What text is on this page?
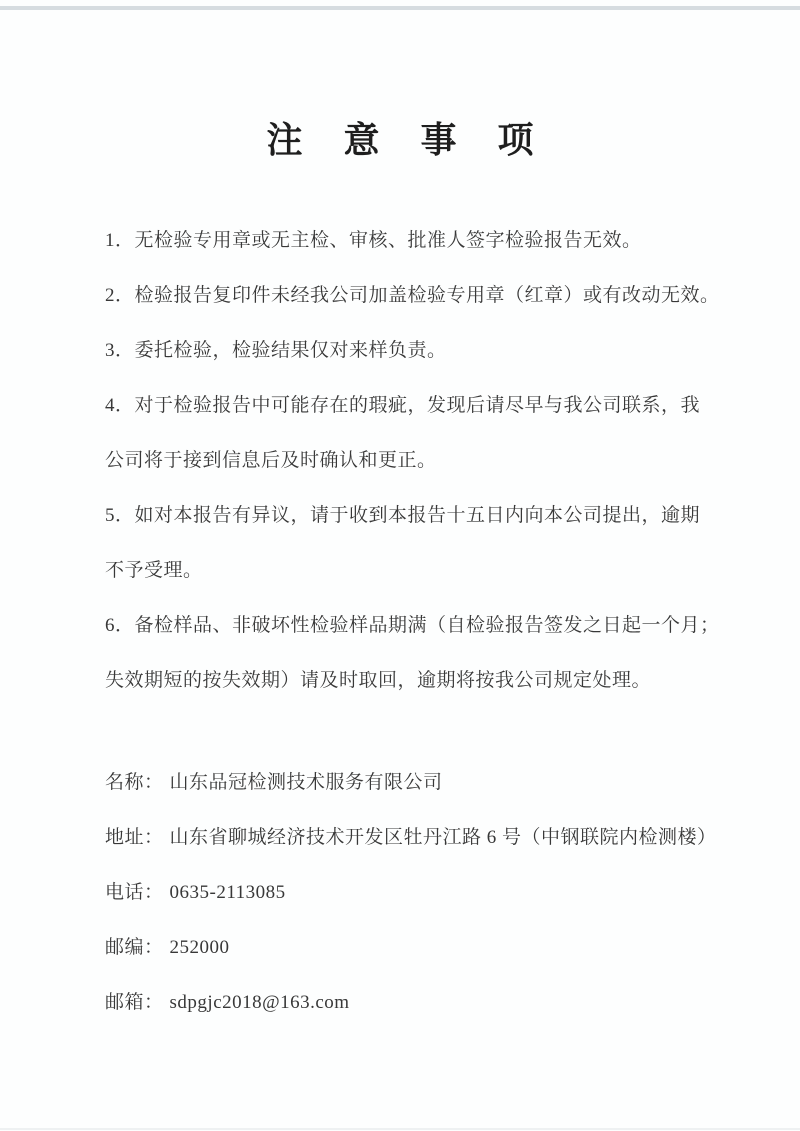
注 意 事 项

1．无检验专用章或无主检、审核、批准人签字检验报告无效。

2．检验报告复印件未经我公司加盖检验专用章（红章）或有改动无效。

3．委托检验，检验结果仅对来样负责。

4．对于检验报告中可能存在的瑕疵，发现后请尽早与我公司联系，我

公司将于接到信息后及时确认和更正。

5．如对本报告有异议，请于收到本报告十五日内向本公司提出，逾期

不予受理。

6．备检样品、非破坏性检验样品期满（自检验报告签发之日起一个月；

失效期短的按失效期）请及时取回，逾期将按我公司规定处理。

名称： 山东品冠检测技术服务有限公司

地址： 山东省聊城经济技术开发区牡丹江路 6 号（中钢联院内检测楼）

电话： 0635-2113085

邮编： 252000

邮箱： sdpgjc2018@163.com
